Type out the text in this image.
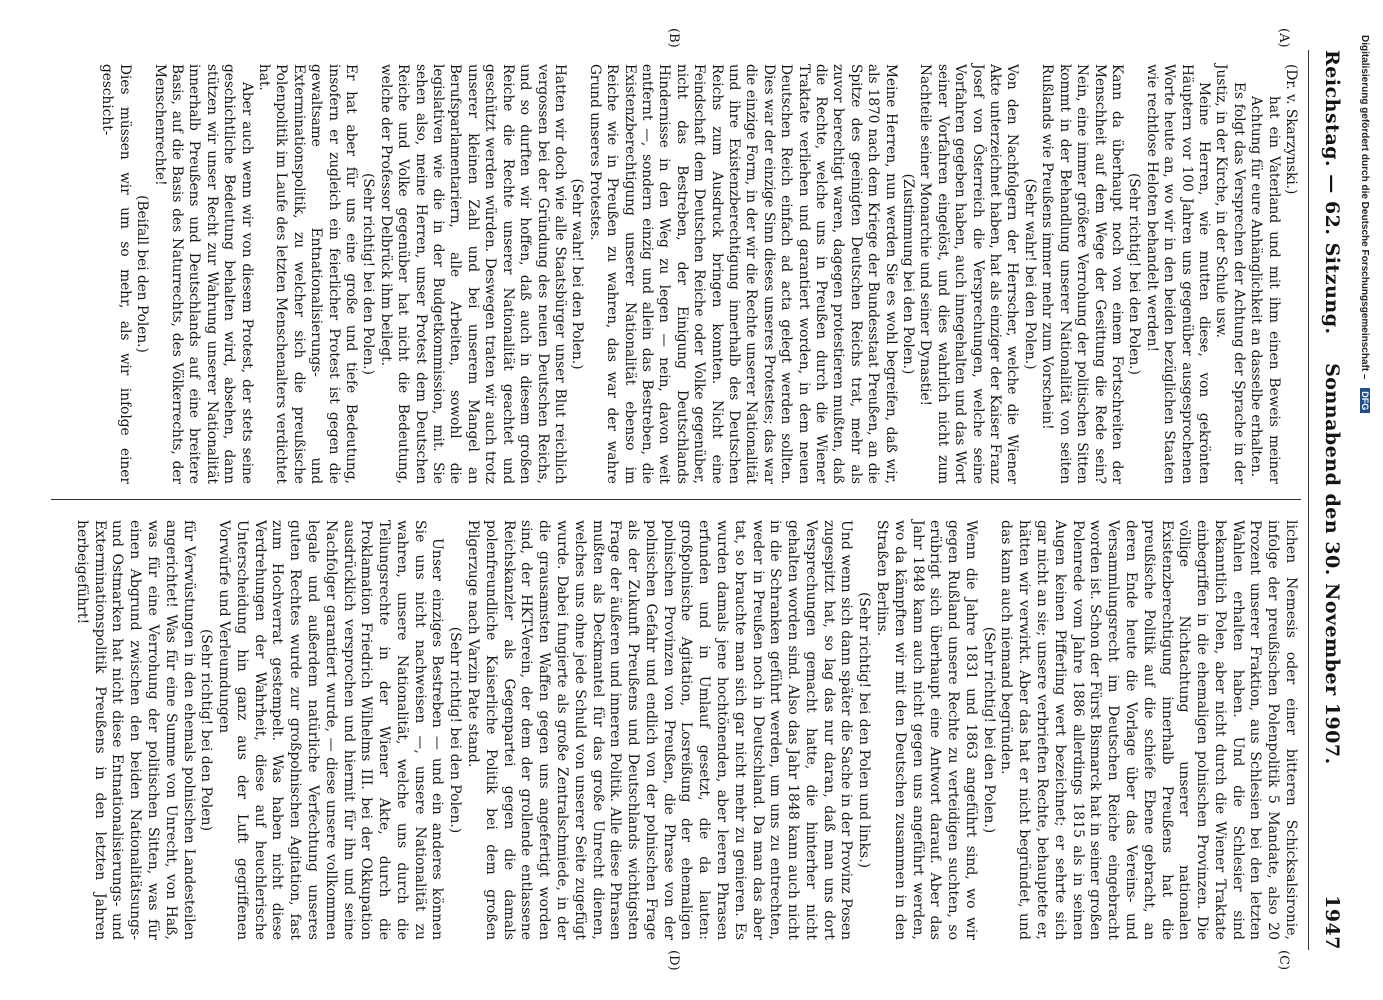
Reichstag. — 62. Sitzung.    Sonnabend den 30. November 1907.
1947
(A)
(B)
(C)
(D)

(Dr. v. Skarzynski.)

hat ein Vaterland und mit ihm einen Beweis meiner Achtung für eure Anhänglichkeit an dasselbe erhalten.

Es folgt das Versprechen der Achtung der Sprache in der Justiz, in der Kirche, in der Schule usw.

Meine Herren, wie mutten diese, von gekrönten Häuptern vor 100 Jahren uns gegenüber ausgesprochenen Worte heute an, wo wir in den beiden bezüglichen Staaten wie rechtlose Heloten behandelt werden!

(Sehr richtig! bei den Polen.)

Kann da überhaupt noch von einem Fortschreiten der Menschheit auf dem Wege der Gesittung die Rede sein? Nein, eine immer größere Verrohung der politischen Sitten kommt in der Behandlung unserer Nationalität von seiten Rußlands wie Preußens immer mehr zum Vorschein!

(Sehr wahr! bei den Polen.)

Von den Nachfolgern der Herrscher, welche die Wiener Akte unterzeichnet haben, hat als einziger der Kaiser Franz Josef von Österreich die Versprechungen, welche seine Vorfahren gegeben haben, auch innegehalten und das Wort seiner Vorfahren eingelöst, und dies wahrlich nicht zum Nachteile seiner Monarchie und seiner Dynastie!

(Zustimmung bei den Polen.)

Meine Herren, nun werden Sie es wohl begreifen, daß wir, als 1870 nach dem Kriege der Bundesstaat Preußen, an die Spitze des geeinigten Deutschen Reichs trat, mehr als zuvor berechtigt waren, dagegen protestieren mußten, daß die Rechte, welche uns in Preußen durch die Wiener Traktate verliehen und garantiert worden, in dem neuen Deutschen Reich einfach ad acta gelegt werden sollten. Dies war der einzige Sinn dieses unseres Protestes; das war die einzige Form, in der wir die Rechte unserer Nationalität und ihre Existenzberechtigung innerhalb des Deutschen Reichs zum Ausdruck bringen konnten. Nicht eine Feindschaft dem Deutschen Reiche oder Volke gegenüber, nicht das Bestreben, der Einigung Deutschlands Hindernisse in den Weg zu legen — nein, davon weit entfernt —, sondern einzig und allein das Bestreben, die Existenzberechtigung unserer Nationalität ebenso im Reiche wie in Preußen zu wahren, das war der wahre Grund unseres Protestes.

(Sehr wahr! bei den Polen.)

Hatten wir doch wie alle Staatsbürger unser Blut reichlich vergossen bei der Gründung des neuen Deutschen Reichs, und so durften wir hoffen, daß auch in diesem großen Reiche die Rechte unserer Nationalität geachtet und geschützt werden würden. Deswegen traten wir auch trotz unserer kleinen Zahl und bei unserem Mangel an Berufsparlamentariern, alle Arbeiten, sowohl die legislativen wie die in der Budgetkommission, mit. Sie sehen also, meine Herren, unser Protest dem Deutschen Reiche und Volke gegenüber hat nicht die Bedeutung, welche der Professor Delbrück ihm beilegt.

(Sehr richtig! bei den Polen.)

Er hat aber für uns eine große und tiefe Bedeutung, insofern er zugleich ein feierlicher Protest ist gegen die gewaltsame Entnationalisierungs- und Exterminationspolitik, zu welcher sich die preußische Polenpolitik im Laufe des letzten Menschenalters verdichtet hat.

Aber auch wenn wir von diesem Protest, der stets seine geschichtliche Bedeutung behalten wird, absehen, dann stützen wir unser Recht zur Wahrung unserer Nationalität innerhalb Preußens und Deutschlands auf eine breitere Basis, auf die Basis des Naturrechts, des Völkerrechts, der Menschenrechte!

(Beifall bei den Polen.)

Dies müssen wir um so mehr, als wir infolge einer geschicht-

lichen Nemesis oder einer bitteren Schicksalsironie, infolge der preußischen Polenpolitik 5 Mandate, also 20 Prozent unserer Fraktion, aus Schlesien bei den letzten Wahlen erhalten haben. Und die Schlesier sind bekanntlich Polen, aber nicht durch die Wiener Traktate einbegriffen in die ehemaligen polnischen Provinzen. Die völlige Nichtachtung unserer nationalen Existenzberechtigung innerhalb Preußens hat die preußische Politik auf die schiefe Ebene gebracht, an deren Ende heute die Vorlage über das Vereins- und Versammlungsrecht im Deutschen Reiche eingebracht worden ist. Schon der Fürst Bismarck hat in seiner großen Polenrede vom Jahre 1886 allerdings 1815 als in seinen Augen keinen Pifferling wert bezeichnet; er sehrte sich gar nicht an sie; unsere verbrieften Rechte, behauptete er, hätten wir verwirkt. Aber das hat er nicht begründet, und das kann auch niemand begründen.

(Sehr richtig! bei den Polen.)

Wenn die Jahre 1831 und 1863 angeführt sind, wo wir gegen Rußland unsere Rechte zu verteidigen suchten, so erübrigt sich überhaupt eine Antwort darauf. Aber das Jahr 1848 kann auch nicht gegen uns angeführt werden, wo da kämpften wir mit den Deutschen zusammen in den Straßen Berlins.

(Sehr richtig! bei den Polen und links.)

Und wenn sich dann später die Sache in der Provinz Posen zugespitzt hat, so lag das nur daran, daß man uns dort Versprechungen gemacht hatte, die hinterher nicht gehalten worden sind. Also das Jahr 1848 kann auch nicht in die Schranken geführt werden, um uns zu entrechten, weder in Preußen noch in Deutschland. Da man das aber tat, so brauchte man sich gar nicht mehr zu genieren. Es wurden damals jene hochtönenden, aber leeren Phrasen erfunden und in Umlauf gesetzt, die da lauten: großpolnische Agitation, Losreißung der ehemaligen polnischen Provinzen von Preußen, die Phrase von der polnischen Gefahr und endlich von der polnischen Frage als der Zukunft Preußens und Deutschlands wichtigsten Frage der äußeren und inneren Politik. Alle diese Phrasen mußten als Deckmantel für das große Unrecht dienen, welches uns ohne jede Schuld von unserer Seite zugefügt wurde. Dabei fungierte als große Zentralschmiede, in der die grausamsten Waffen gegen uns angefertigt worden sind, der HKT-Verein, der dem der grollende entlassene Reichskanzler als Gegenpartei gegen die damals polenfreundliche Kaiserliche Politik bei dem großen Pilgerzuge nach Varzin Pate stand.

(Sehr richtig! bei den Polen.)

Unser einziges Bestreben — und ein anderes können Sie uns nicht nachweisen —, unsere Nationalität zu wahren, unsere Nationalität, welche uns durch die Teilungsrechte in der Wiener Akte, durch die Proklamation Friedrich Wilhelms III. bei der Okkupation ausdrücklich versprochen und hiermit für ihn und seine Nachfolger garantiert wurde, — diese unsere vollkommen legale und außerdem natürliche Verfechtung unseres guten Rechtes wurde zur großpolnischen Agitation, fast zum Hochverrat gestempelt. Was haben nicht diese Verdrehungen der Wahrheit, diese auf heuchlerische Unterscheidung hin ganz aus der Luft gegriffenen Vorwürfe und Verleumdungen

(Sehr richtig! bei den Polen)

für Verwüstungen in den ehemals polnischen Landesteilen angerichtet! Was für eine Summe von Unrecht, von Haß, was für eine Verrohung der politischen Sitten, was für einen Abgrund zwischen den beiden Nationalitätsungs- und Ostmarken hat nicht diese Entnationalisierungs- und Exterminationspolitik Preußens in den letzten Jahren herbeigeführt!

Digitalisierung gefördert durch die Deutsche Forschungsgemeinschaft – DFG
